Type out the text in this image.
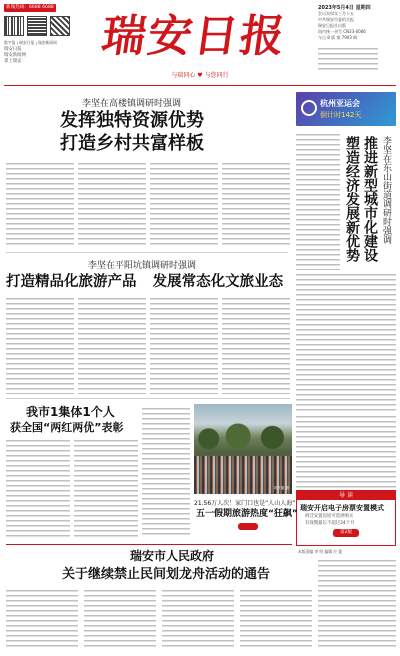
新闻热线：6688 6688
数字报 | 瑞安日报 | 瑞安新闻网
瑞安日报
瑞安新闻网
掌上瑞安	瑞安日报
与瑞同心 ♥ 与您同行
2023年5月4日 星期四
农历癸卯年三月十五
中共瑞安市委机关报
瑞安日报社出版
国内统一刊号 CN33-0086
今日 8 版 第 7903 期
李坚在高楼镇调研时强调
发挥独特资源优势
打造乡村共富样板
杭州亚运会
倒计时142天
李坚在东山街道调研时强调
推进新型城市化建设
塑造经济发展新优势
导 读
瑞安开启电子房票安置模式
拆迁安置房屋可选择购买
有效期最长不超过24个月
第2版
本版责编 李 明 编辑 应 俊
李坚在平阳坑镇调研时强调
打造精品化旅游产品 发展常态化文旅业态
我市1集体1个人
获全国“两红两优”表彰
刘开通 摄
21.56万人次！家门口也是“人山人海”
五一假期旅游热度“狂飙”
瑞安市人民政府
关于继续禁止民间划龙舟活动的通告
